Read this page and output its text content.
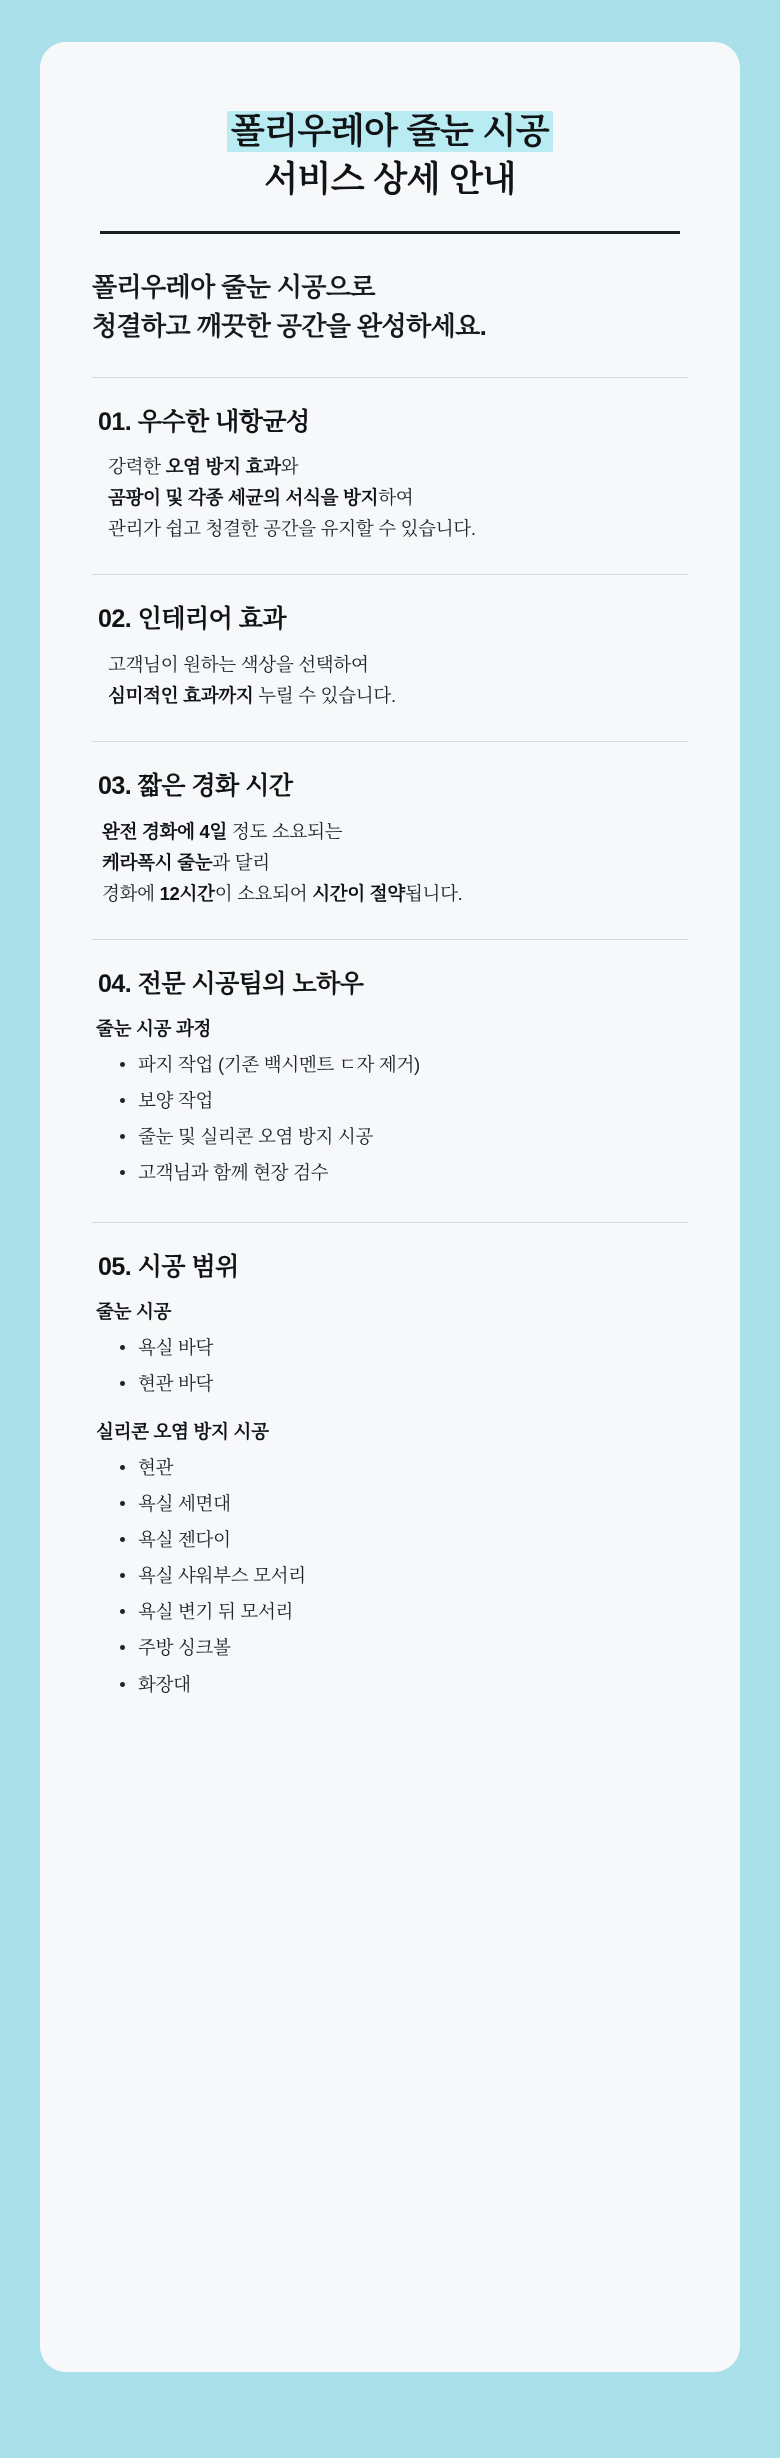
폴리우레아 줄눈 시공
서비스 상세 안내
폴리우레아 줄눈 시공으로
청결하고 깨끗한 공간을 완성하세요.
01. 우수한 내항균성
강력한 오염 방지 효과와
곰팡이 및 각종 세균의 서식을 방지하여
관리가 쉽고 청결한 공간을 유지할 수 있습니다.
02. 인테리어 효과
고객님이 원하는 색상을 선택하여
심미적인 효과까지 누릴 수 있습니다.
03. 짧은 경화 시간
완전 경화에 4일 정도 소요되는
케라폭시 줄눈과 달리
경화에 12시간이 소요되어 시간이 절약됩니다.
04. 전문 시공팀의 노하우
줄눈 시공 과정
파지 작업 (기존 백시멘트 ㄷ자 제거)
보양 작업
줄눈 및 실리콘 오염 방지 시공
고객님과 함께 현장 검수
05. 시공 범위
줄눈 시공
욕실 바닥
현관 바닥
실리콘 오염 방지 시공
현관
욕실 세면대
욕실 젠다이
욕실 샤워부스 모서리
욕실 변기 뒤 모서리
주방 싱크볼
화장대
